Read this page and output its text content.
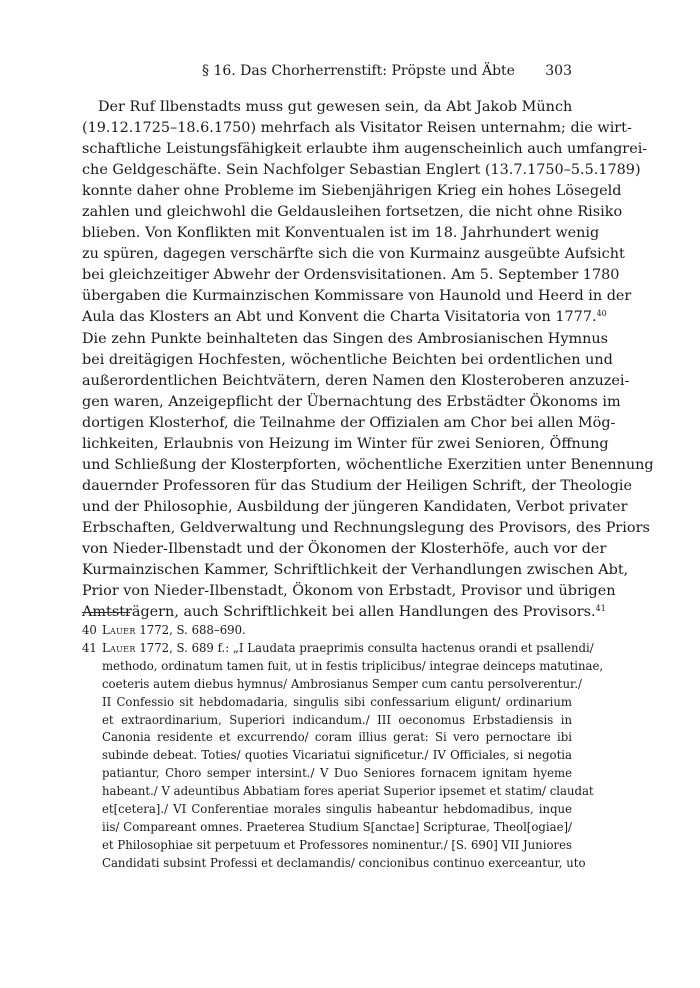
§ 16. Das Chorherrenstift: Pröpste und Äbte 303
Der Ruf Ilbenstadts muss gut gewesen sein, da Abt Jakob Münch
(19.12.1725–18.6.1750) mehrfach als Visitator Reisen unternahm; die wirt-
schaftliche Leistungsfähigkeit erlaubte ihm augenscheinlich auch umfangrei-
che Geldgeschäfte. Sein Nachfolger Sebastian Englert (13.7.1750–5.5.1789)
konnte daher ohne Probleme im Siebenjährigen Krieg ein hohes Lösegeld
zahlen und gleichwohl die Geldausleihen fortsetzen, die nicht ohne Risiko
blieben. Von Konflikten mit Konventualen ist im 18. Jahrhundert wenig
zu spüren, dagegen verschärfte sich die von Kurmainz ausgeübte Aufsicht
bei gleichzeitiger Abwehr der Ordensvisitationen. Am 5. September 1780
übergaben die Kurmainzischen Kommissare von Haunold und Heerd in der
Aula das Klosters an Abt und Konvent die Charta Visitatoria von 1777.40
Die zehn Punkte beinhalteten das Singen des Ambrosianischen Hymnus
bei dreitägigen Hochfesten, wöchentliche Beichten bei ordentlichen und
außerordentlichen Beichtvätern, deren Namen den Klosteroberen anzuzei-
gen waren, Anzeigepflicht der Übernachtung des Erbstädter Ökonoms im
dortigen Klosterhof, die Teilnahme der Offizialen am Chor bei allen Mög-
lichkeiten, Erlaubnis von Heizung im Winter für zwei Senioren, Öffnung
und Schließung der Klosterpforten, wöchentliche Exerzitien unter Benennung
dauernder Professoren für das Studium der Heiligen Schrift, der Theologie
und der Philosophie, Ausbildung der jüngeren Kandidaten, Verbot privater
Erbschaften, Geldverwaltung und Rechnungslegung des Provisors, des Priors
von Nieder-Ilbenstadt und der Ökonomen der Klosterhöfe, auch vor der
Kurmainzischen Kammer, Schriftlichkeit der Verhandlungen zwischen Abt,
Prior von Nieder-Ilbenstadt, Ökonom von Erbstadt, Provisor und übrigen
Amtsträgern, auch Schriftlichkeit bei allen Handlungen des Provisors.$^{41}$
40 Lauer 1772, S. 688–690.
41 Lauer 1772, S. 689 f.: „I Laudata praeprimis consulta hactenus orandi et psallendi/
methodo, ordinatum tamen fuit, ut in festis triplicibus/ integrae deinceps matutinae,
coeteris autem diebus hymnus/ Ambrosianus Semper cum cantu persolverentur./
II Confessio sit hebdomadaria, singulis sibi confessarium eligunt/ ordinarium
et extraordinarium, Superiori indicandum./ III oeconomus Erbstadiensis in
Canonia residente et excurrendo/ coram illius gerat: Si vero pernoctare ibi
subinde debeat. Toties/ quoties Vicariatui significetur./ IV Officiales, si negotia
patiantur, Choro semper intersint./ V Duo Seniores fornacem ignitam hyeme
habeant./ V adeuntibus Abbatiam fores aperiat Superior ipsemet et statim/ claudat
et[cetera]./ VI Conferentiae morales singulis habeantur hebdomadibus, inque
iis/ Compareant omnes. Praeterea Studium S[anctae] Scripturae, Theol[ogiae]/
et Philosophiae sit perpetuum et Professores nominentur./ [S. 690] VII Juniores
Candidati subsint Professi et declamandis/ concionibus continuo exerceantur, uto
